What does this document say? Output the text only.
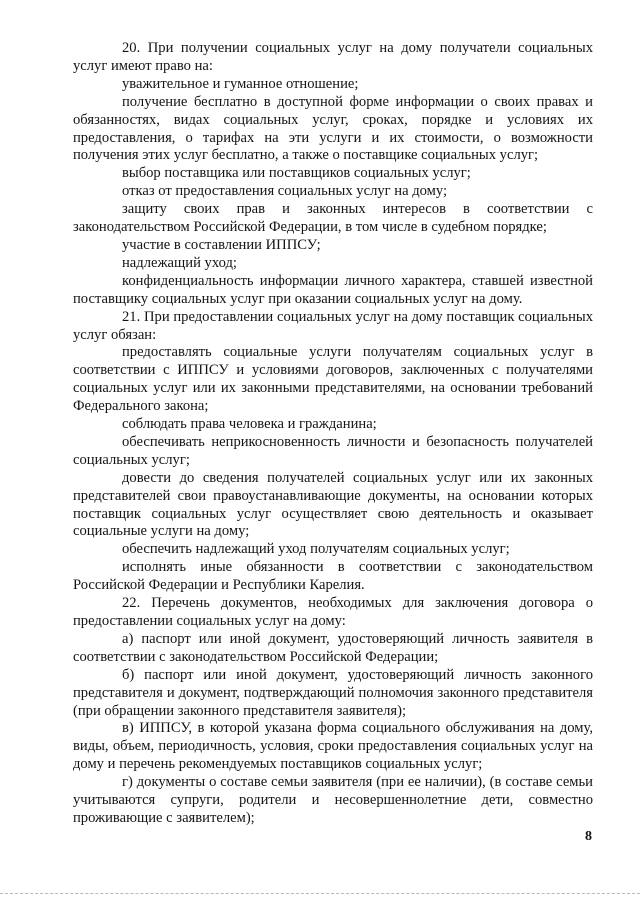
20. При получении социальных услуг на дому получатели социальных услуг имеют право на:

уважительное и гуманное отношение;

получение бесплатно в доступной форме информации о своих правах и обязанностях, видах социальных услуг, сроках, порядке и условиях их предоставления, о тарифах на эти услуги и их стоимости, о возможности получения этих услуг бесплатно, а также о поставщике социальных услуг;

выбор поставщика или поставщиков социальных услуг;

отказ от предоставления социальных услуг на дому;

защиту своих прав и законных интересов в соответствии с законодательством Российской Федерации, в том числе в судебном порядке;

участие в составлении ИППСУ;

надлежащий уход;

конфиденциальность информации личного характера, ставшей известной поставщику социальных услуг при оказании социальных услуг на дому.

21. При предоставлении социальных услуг на дому поставщик социальных услуг обязан:

предоставлять социальные услуги получателям социальных услуг в соответствии с ИППСУ и условиями договоров, заключенных с получателями социальных услуг или их законными представителями, на основании требований Федерального закона;

соблюдать права человека и гражданина;

обеспечивать неприкосновенность личности и безопасность получателей социальных услуг;

довести до сведения получателей социальных услуг или их законных представителей свои правоустанавливающие документы, на основании которых поставщик социальных услуг осуществляет свою деятельность и оказывает социальные услуги на дому;

обеспечить надлежащий уход получателям социальных услуг;

исполнять иные обязанности в соответствии с законодательством Российской Федерации и Республики Карелия.

22. Перечень документов, необходимых для заключения договора о предоставлении социальных услуг на дому:

а) паспорт или иной документ, удостоверяющий личность заявителя в соответствии с законодательством Российской Федерации;

б) паспорт или иной документ, удостоверяющий личность законного представителя и документ, подтверждающий полномочия законного представителя (при обращении законного представителя заявителя);

в) ИППСУ, в которой указана форма социального обслуживания на дому, виды, объем, периодичность, условия, сроки предоставления социальных услуг на дому и перечень рекомендуемых поставщиков социальных услуг;

г) документы о составе семьи заявителя (при ее наличии), (в составе семьи учитываются супруги, родители и несовершеннолетние дети, совместно проживающие с заявителем);

8
